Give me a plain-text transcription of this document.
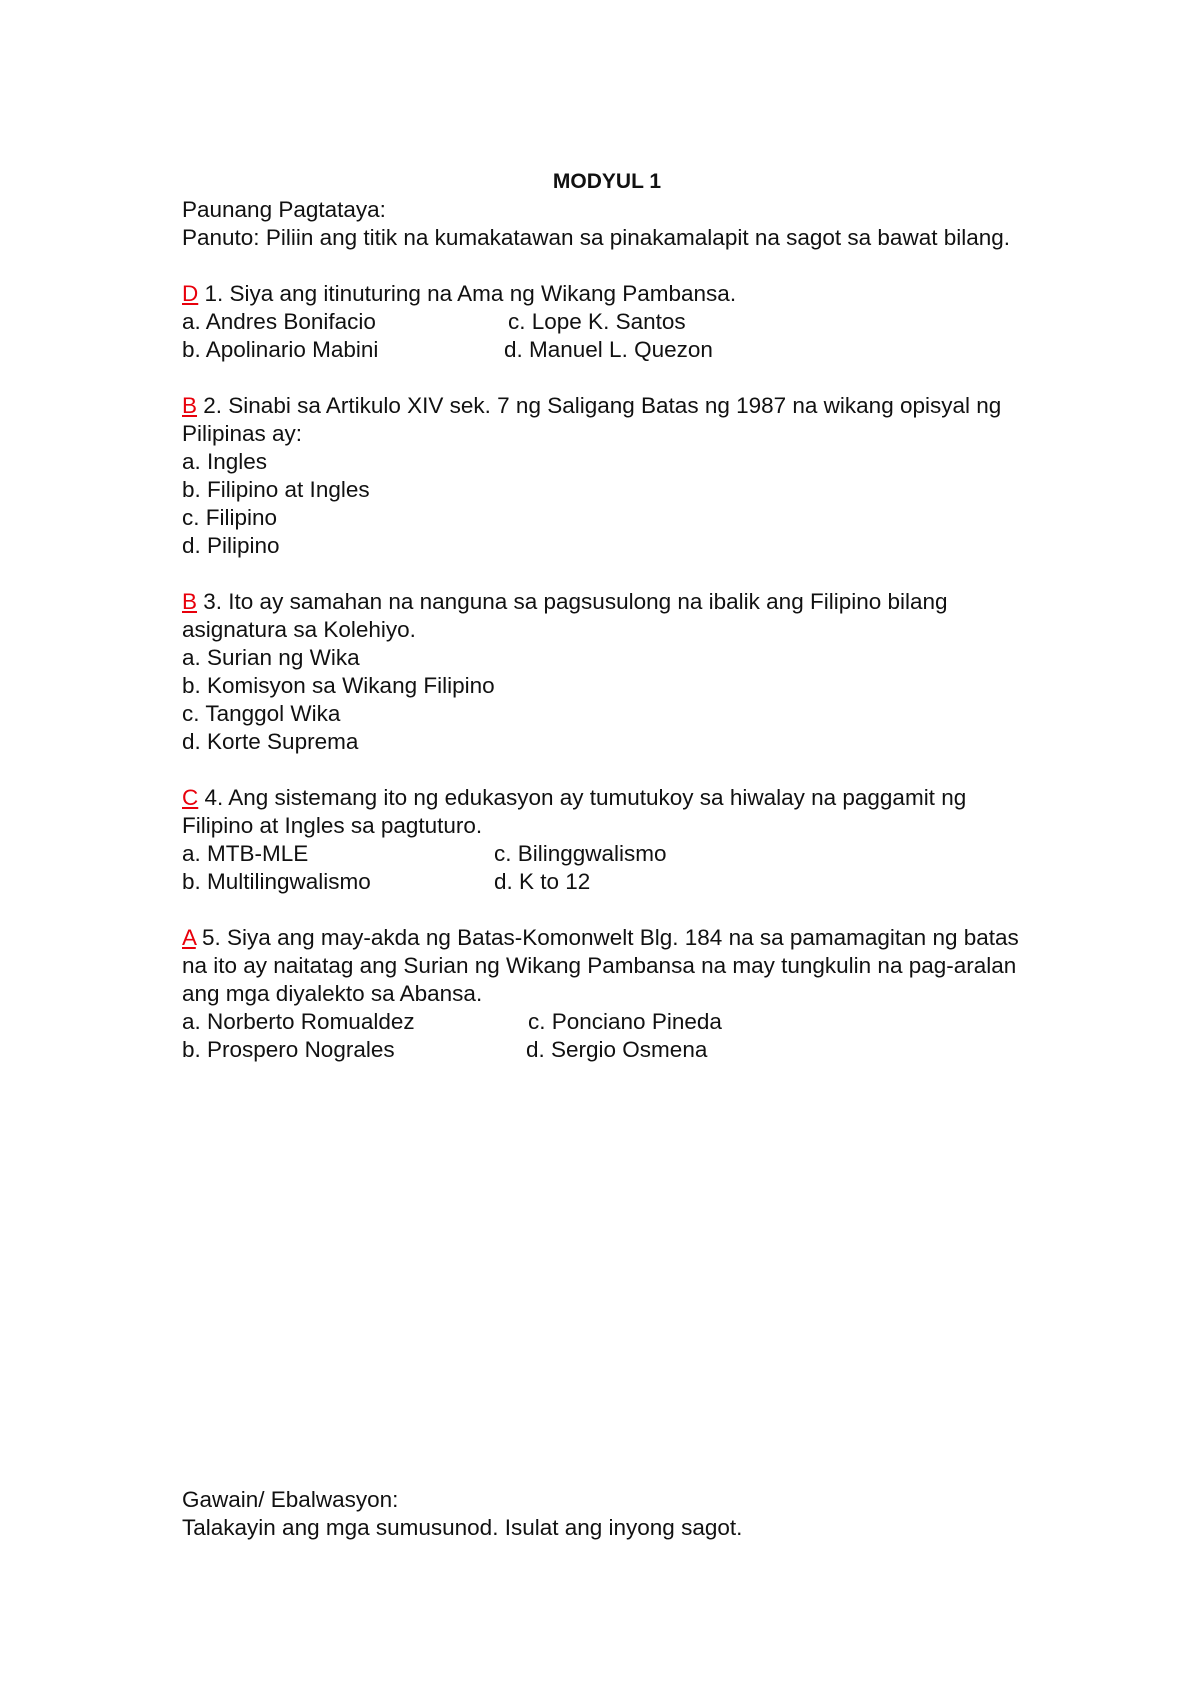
MODYUL 1

Paunang Pagtataya:

Panuto: Piliin ang titik na kumakatawan sa pinakamalapit na sagot sa bawat bilang.

D 1. Siya ang itinuturing na Ama ng Wikang Pambansa.

a. Andres Bonifacio	c. Lope K. Santos
b. Apolinario Mabini	d. Manuel L. Quezon

B 2. Sinabi sa Artikulo XIV sek. 7 ng Saligang Batas ng 1987 na wikang opisyal ng Pilipinas ay:

a. Ingles

b. Filipino at Ingles

c. Filipino

d. Pilipino

B 3. Ito ay samahan na nanguna sa pagsusulong na ibalik ang Filipino bilang asignatura sa Kolehiyo.

a. Surian ng Wika

b. Komisyon sa Wikang Filipino

c. Tanggol Wika

d. Korte Suprema

C 4. Ang sistemang ito ng edukasyon ay tumutukoy sa hiwalay na paggamit ng Filipino at Ingles sa pagtuturo.

a. MTB-MLE	c. Bilinggwalismo
b. Multilingwalismo	d. K to 12

A 5. Siya ang may-akda ng Batas-Komonwelt Blg. 184 na sa pamamagitan ng batas na ito ay naitatag ang Surian ng Wikang Pambansa na may tungkulin na pag-aralan ang mga diyalekto sa Abansa.

a. Norberto Romualdez	c. Ponciano Pineda
b. Prospero Nograles	d. Sergio Osmena

Gawain/ Ebalwasyon:

Talakayin ang mga sumusunod. Isulat ang inyong sagot.
